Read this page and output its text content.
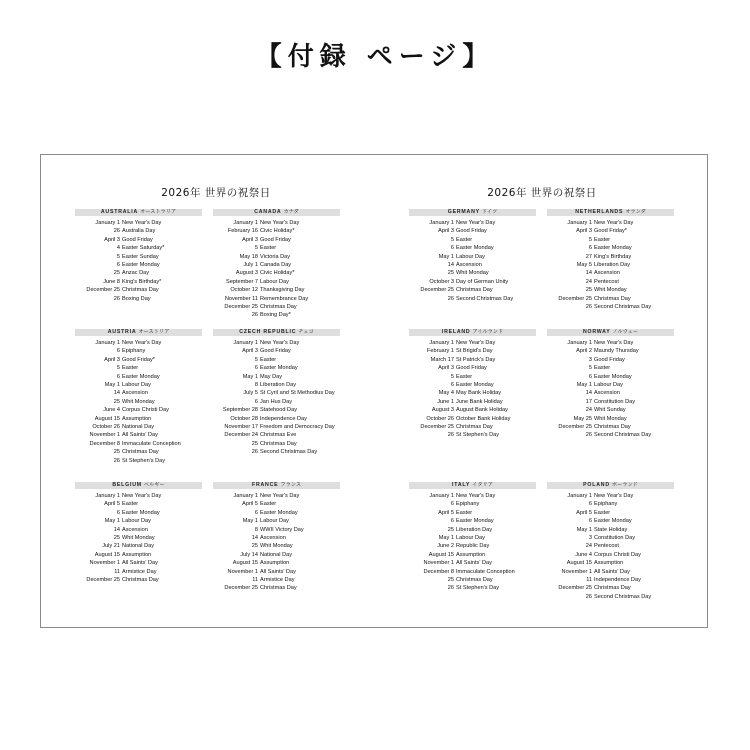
【付録 ページ】
2026年 世界の祝祭日
AUSTRALIA オーストラリア
January 1 New Year's Day
26 Australia Day
April 3 Good Friday
4 Easter Saturday*
5 Easter Sunday
6 Easter Monday
25 Anzac Day
June 8 King's Birthday*
December 25 Christmas Day
26 Boxing Day
CANADA カナダ
January 1 New Year's Day
February 16 Civic Holiday*
April 3 Good Friday
5 Easter
May 18 Victoria Day
July 1 Canada Day
August 3 Civic Holiday*
September 7 Labour Day
October 12 Thanksgiving Day
November 11 Remembrance Day
December 25 Christmas Day
26 Boxing Day*
AUSTRIA オーストリア
January 1 New Year's Day
6 Epiphany
April 3 Good Friday*
5 Easter
6 Easter Monday
May 1 Labour Day
14 Ascension
25 Whit Monday
June 4 Corpus Christi Day
August 15 Assumption
October 26 National Day
November 1 All Saints' Day
December 8 Immaculate Conception
25 Christmas Day
26 St Stephen's Day
CZECH REPUBLIC チェコ
January 1 New Year's Day
April 3 Good Friday
5 Easter
6 Easter Monday
May 1 May Day
8 Liberation Day
July 5 St Cyril and St Methodius Day
6 Jan Hus Day
September 28 Statehood Day
October 28 Independence Day
November 17 Freedom and Democracy Day
December 24 Christmas Eve
25 Christmas Day
26 Second Christmas Day
BELGIUM ベルギー
January 1 New Year's Day
April 5 Easter
6 Easter Monday
May 1 Labour Day
14 Ascension
25 Whit Monday
July 21 National Day
August 15 Assumption
November 1 All Saints' Day
11 Armistice Day
December 25 Christmas Day
FRANCE フランス
January 1 New Year's Day
April 5 Easter
6 Easter Monday
May 1 Labour Day
8 WWII Victory Day
14 Ascension
25 Whit Monday
July 14 National Day
August 15 Assumption
November 1 All Saints' Day
11 Armistice Day
December 25 Christmas Day
2026年 世界の祝祭日
GERMANY ドイツ
January 1 New Year's Day
April 3 Good Friday
5 Easter
6 Easter Monday
May 1 Labour Day
14 Ascension
25 Whit Monday
October 3 Day of German Unity
December 25 Christmas Day
26 Second Christmas Day
NETHERLANDS オランダ
January 1 New Year's Day
April 3 Good Friday*
5 Easter
6 Easter Monday
27 King's Birthday
May 5 Liberation Day
14 Ascension
24 Pentecost
25 Whit Monday
December 25 Christmas Day
26 Second Christmas Day
IRELAND アイルランド
January 1 New Year's Day
February 1 St Brigid's Day
March 17 St Patrick's Day
April 3 Good Friday
5 Easter
6 Easter Monday
May 4 May Bank Holiday
June 1 June Bank Holiday
August 3 August Bank Holiday
October 26 October Bank Holiday
December 25 Christmas Day
26 St Stephen's Day
NORWAY ノルウェー
January 1 New Year's Day
April 2 Maundy Thursday
3 Good Friday
5 Easter
6 Easter Monday
May 1 Labour Day
14 Ascension
17 Constitution Day
24 Whit Sunday
May 25 Whit Monday
December 25 Christmas Day
26 Second Christmas Day
ITALY イタリア
January 1 New Year's Day
6 Epiphany
April 5 Easter
6 Easter Monday
25 Liberation Day
May 1 Labour Day
June 2 Republic Day
August 15 Assumption
November 1 All Saints' Day
December 8 Immaculate Conception
25 Christmas Day
26 St Stephen's Day
POLAND ポーランド
January 1 New Year's Day
6 Epiphany
April 5 Easter
6 Easter Monday
May 1 State Holiday
3 Constitution Day
24 Pentecost
June 4 Corpus Christi Day
August 15 Assumption
November 1 All Saints' Day
11 Independence Day
December 25 Christmas Day
26 Second Christmas Day
